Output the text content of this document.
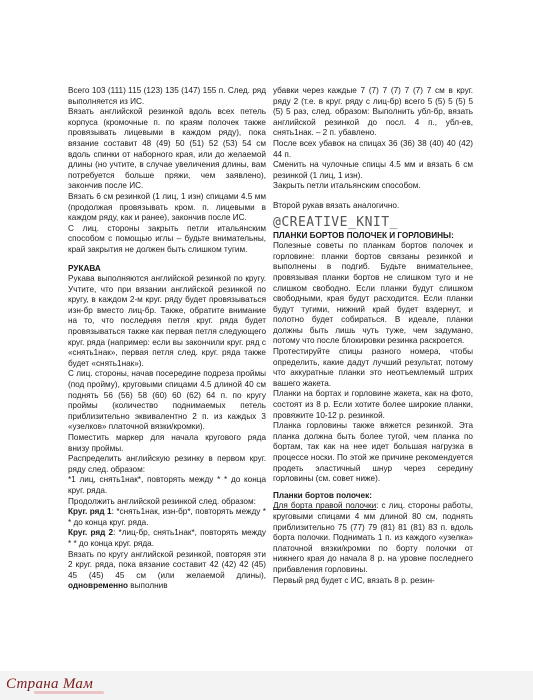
Всего 103 (111) 115 (123) 135 (147) 155 п. След. ряд выполняется из ИС.

Вязать английской резинкой вдоль всех петель корпуса (кромочные п. по краям полочек также провязывать лицевыми в каждом ряду), пока вязание составит 48 (49) 50 (51) 52 (53) 54 см вдоль спинки от наборного края, или до желаемой длины (но учтите, в случае увеличения длины, вам потребуется больше пряжи, чем заявлено), закончив после ИС.

Вязать 6 см резинкой (1 лиц, 1 изн) спицами 4.5 мм (продолжая провязывать кром. п. лицевыми в каждом ряду, как и ранее), закончив после ИС.

С лиц. стороны закрыть петли итальянским способом с помощью иглы – будьте внимательны, край закрытия не должен быть слишком тугим.

РУКАВА

Рукава выполняются английской резинкой по кругу. Учтите, что при вязании английской резинкой по кругу, в каждом 2-м круг. ряду будет провязываться изн-бр вместо лиц-бр. Также, обратите внимание на то, что последняя петля круг. ряда будет провязываться также как первая петля следующего круг. ряда (например: если вы закончили круг. ряд с «снять1нак», первая петля след. круг. ряда также будет «снять1нак»).

С лиц. стороны, начав посередине подреза проймы (под пройму), круговыми спицами 4.5 длиной 40 см поднять 56 (56) 58 (60) 60 (62) 64 п. по кругу проймы (количество поднимаемых петель приблизительно эквивалентно 2 п. из каждых 3 «узелков» платочной вязки/кромки).

Поместить маркер для начала кругового ряда внизу проймы.

Распределить английскую резинку в первом круг. ряду след. образом:

*1 лиц, снять1нак*, повторять между * * до конца круг. ряда.

Продолжить английской резинкой след. образом:

Круг. ряд 1: *снять1нак, изн-бр*, повторять между * * до конца круг. ряда.

Круг. ряд 2: *лиц-бр, снять1нак*, повторять между * * до конца круг. ряда.

Вязать по кругу английской резинкой, повторяя эти 2 круг. ряда, пока вязание составит 42 (42) 42 (45) 45 (45) 45 см (или желаемой длины), одновременно выполнив

убавки через каждые 7 (7) 7 (7) 7 (7) 7 см в круг. ряду 2 (т.е. в круг. ряду с лиц-бр) всего 5 (5) 5 (5) 5 (5) 5 раз, след. образом: Выполнить убл-бр, вязать английской резинкой до посл. 4 п., убл-ев, снять1нак. – 2 п. убавлено.

После всех убавок на спицах 36 (36) 38 (40) 40 (42) 44 п.

Сменить на чулочные спицы 4.5 мм и вязать 6 см резинкой (1 лиц, 1 изн).

Закрыть петли итальянским способом.

Второй рукав вязать аналогично.

@CREATIVE_KNIT_

ПЛАНКИ БОРТОВ ПОЛОЧЕК И ГОРЛОВИНЫ:

Полезные советы по планкам бортов полочек и горловине: планки бортов связаны резинкой и выполнены в подгиб. Будьте внимательнее, провязывая планки бортов не слишком туго и не слишком свободно. Если планки будут слишком свободными, края будут расходится. Если планки будут тугими, нижний край будет вздернут, и полотно будет собираться. В идеале, планки должны быть лишь чуть туже, чем задумано, потому что после блокировки резинка раскроется.

Протестируйте спицы разного номера, чтобы определить, какие дадут лучший результат, потому что аккуратные планки это неотъемлемый штрих вашего жакета.

Планки на бортах и горловине жакета, как на фото, состоят из 8 р. Если хотите более широкие планки, провяжите 10-12 р. резинкой.

Планка горловины также вяжется резинкой. Эта планка должна быть более тугой, чем планка по бортам, так как на нее идет большая нагрузка в процессе носки. По этой же причине рекомендуется продеть эластичный шнур через середину горловины (см. совет ниже).

Планки бортов полочек:

Для борта правой полочки: с лиц. стороны работы, круговыми спицами 4 мм длиной 80 см, поднять приблизительно 75 (77) 79 (81) 81 (81) 83 п. вдоль борта полочки. Поднимать 1 п. из каждого «узелка» платочной вязки/кромки по борту полочки от нижнего края до начала 8 р. на уровне последнего прибавления горловины.

Первый ряд будет с ИС, вязать 8 р. резин-

Страна Мам
